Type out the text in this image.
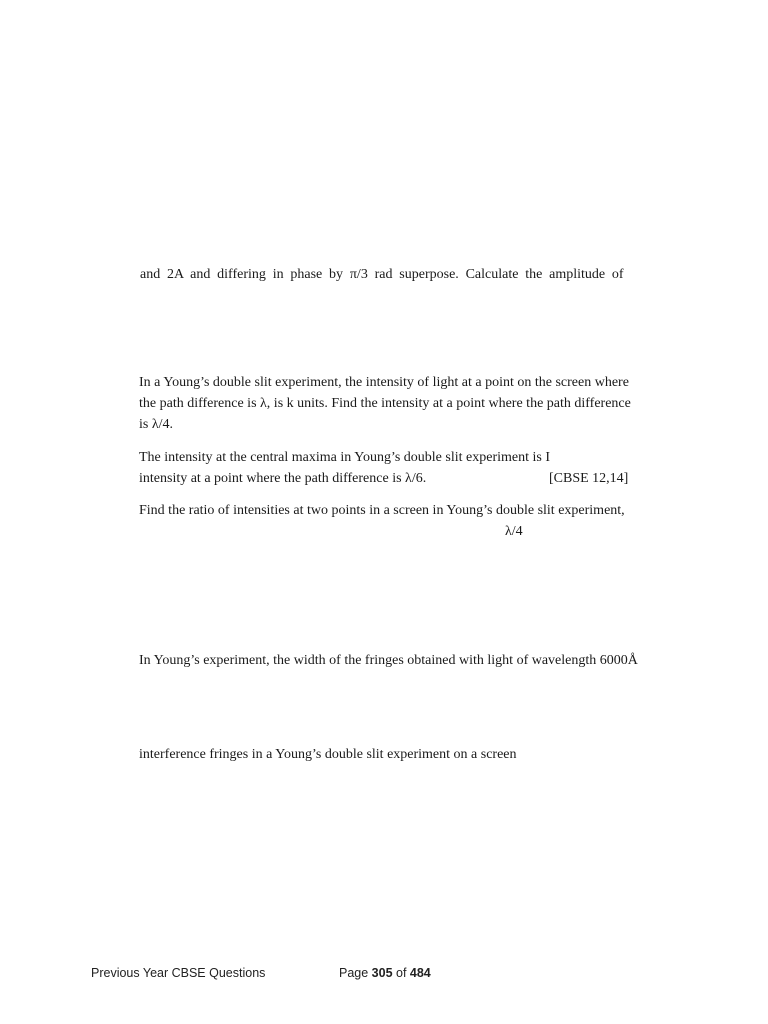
and 2A and differing in phase by π/3 rad superpose. Calculate the amplitude of
In a Young’s double slit experiment, the intensity of light at a point on the screen where
the path difference is λ, is k units. Find the intensity at a point where the path difference
is λ/4.
The intensity at the central maxima in Young’s double slit experiment is I
intensity at a point where the path difference is λ/6.	[CBSE 12,14]
Find the ratio of intensities at two points in a screen in Young’s double slit experiment,
λ/4
In Young’s experiment, the width of the fringes obtained with light of wavelength 6000Å
interference fringes in a Young’s double slit experiment on a screen
Previous Year CBSE Questions	Page 305 of 484
